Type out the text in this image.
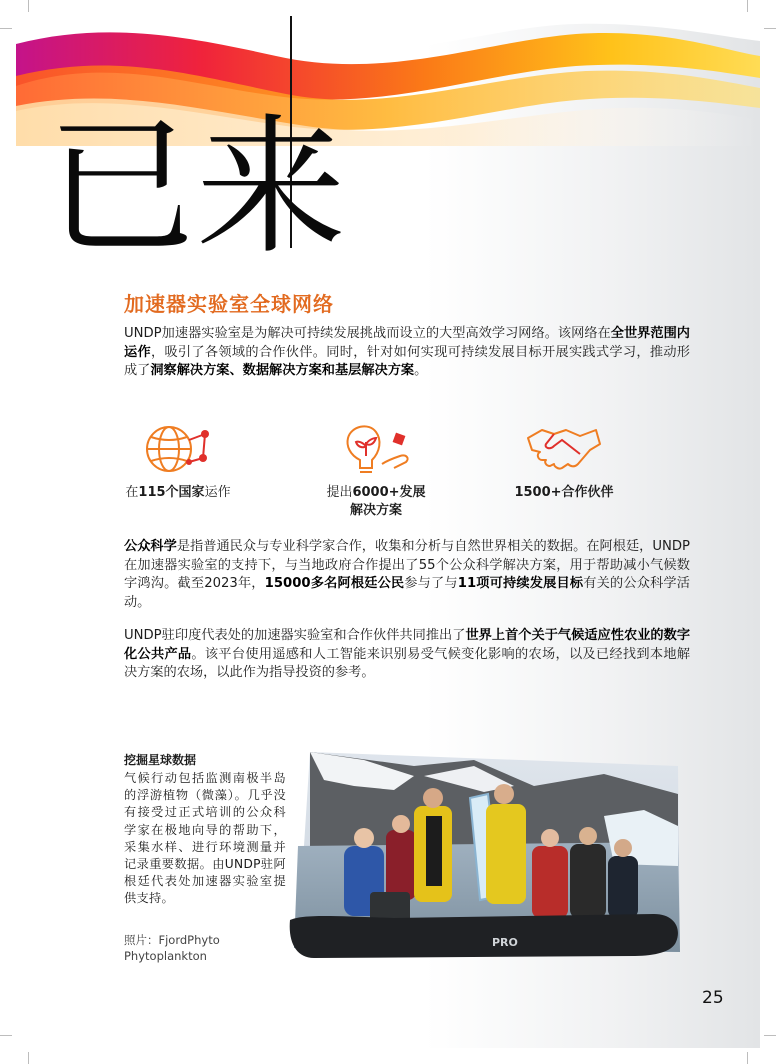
已来
加速器实验室全球网络
UNDP加速器实验室是为解决可持续发展挑战而设立的大型高效学习网络。该网络在全世界范围内运作，吸引了各领域的合作伙伴。同时，针对如何实现可持续发展目标开展实践式学习，推动形成了洞察解决方案、数据解决方案和基层解决方案。
在115个国家运作	提出6000+发展
解决方案
1500+合作伙伴
公众科学是指普通民众与专业科学家合作，收集和分析与自然世界相关的数据。在阿根廷，UNDP在加速器实验室的支持下，与当地政府合作提出了55个公众科学解决方案，用于帮助减小气候数字鸿沟。截至2023年，15000多名阿根廷公民参与了与11项可持续发展目标有关的公众科学活动。
UNDP驻印度代表处的加速器实验室和合作伙伴共同推出了世界上首个关于气候适应性农业的数字化公共产品。该平台使用遥感和人工智能来识别易受气候变化影响的农场，以及已经找到本地解决方案的农场，以此作为指导投资的参考。
挖掘星球数据
气候行动包括监测南极半岛的浮游植物（微藻）。几乎没有接受过正式培训的公众科学家在极地向导的帮助下，采集水样、进行环境测量并记录重要数据。由UNDP驻阿根廷代表处加速器实验室提供支持。
照片：FjordPhyto Phytoplankton
PRO
25
